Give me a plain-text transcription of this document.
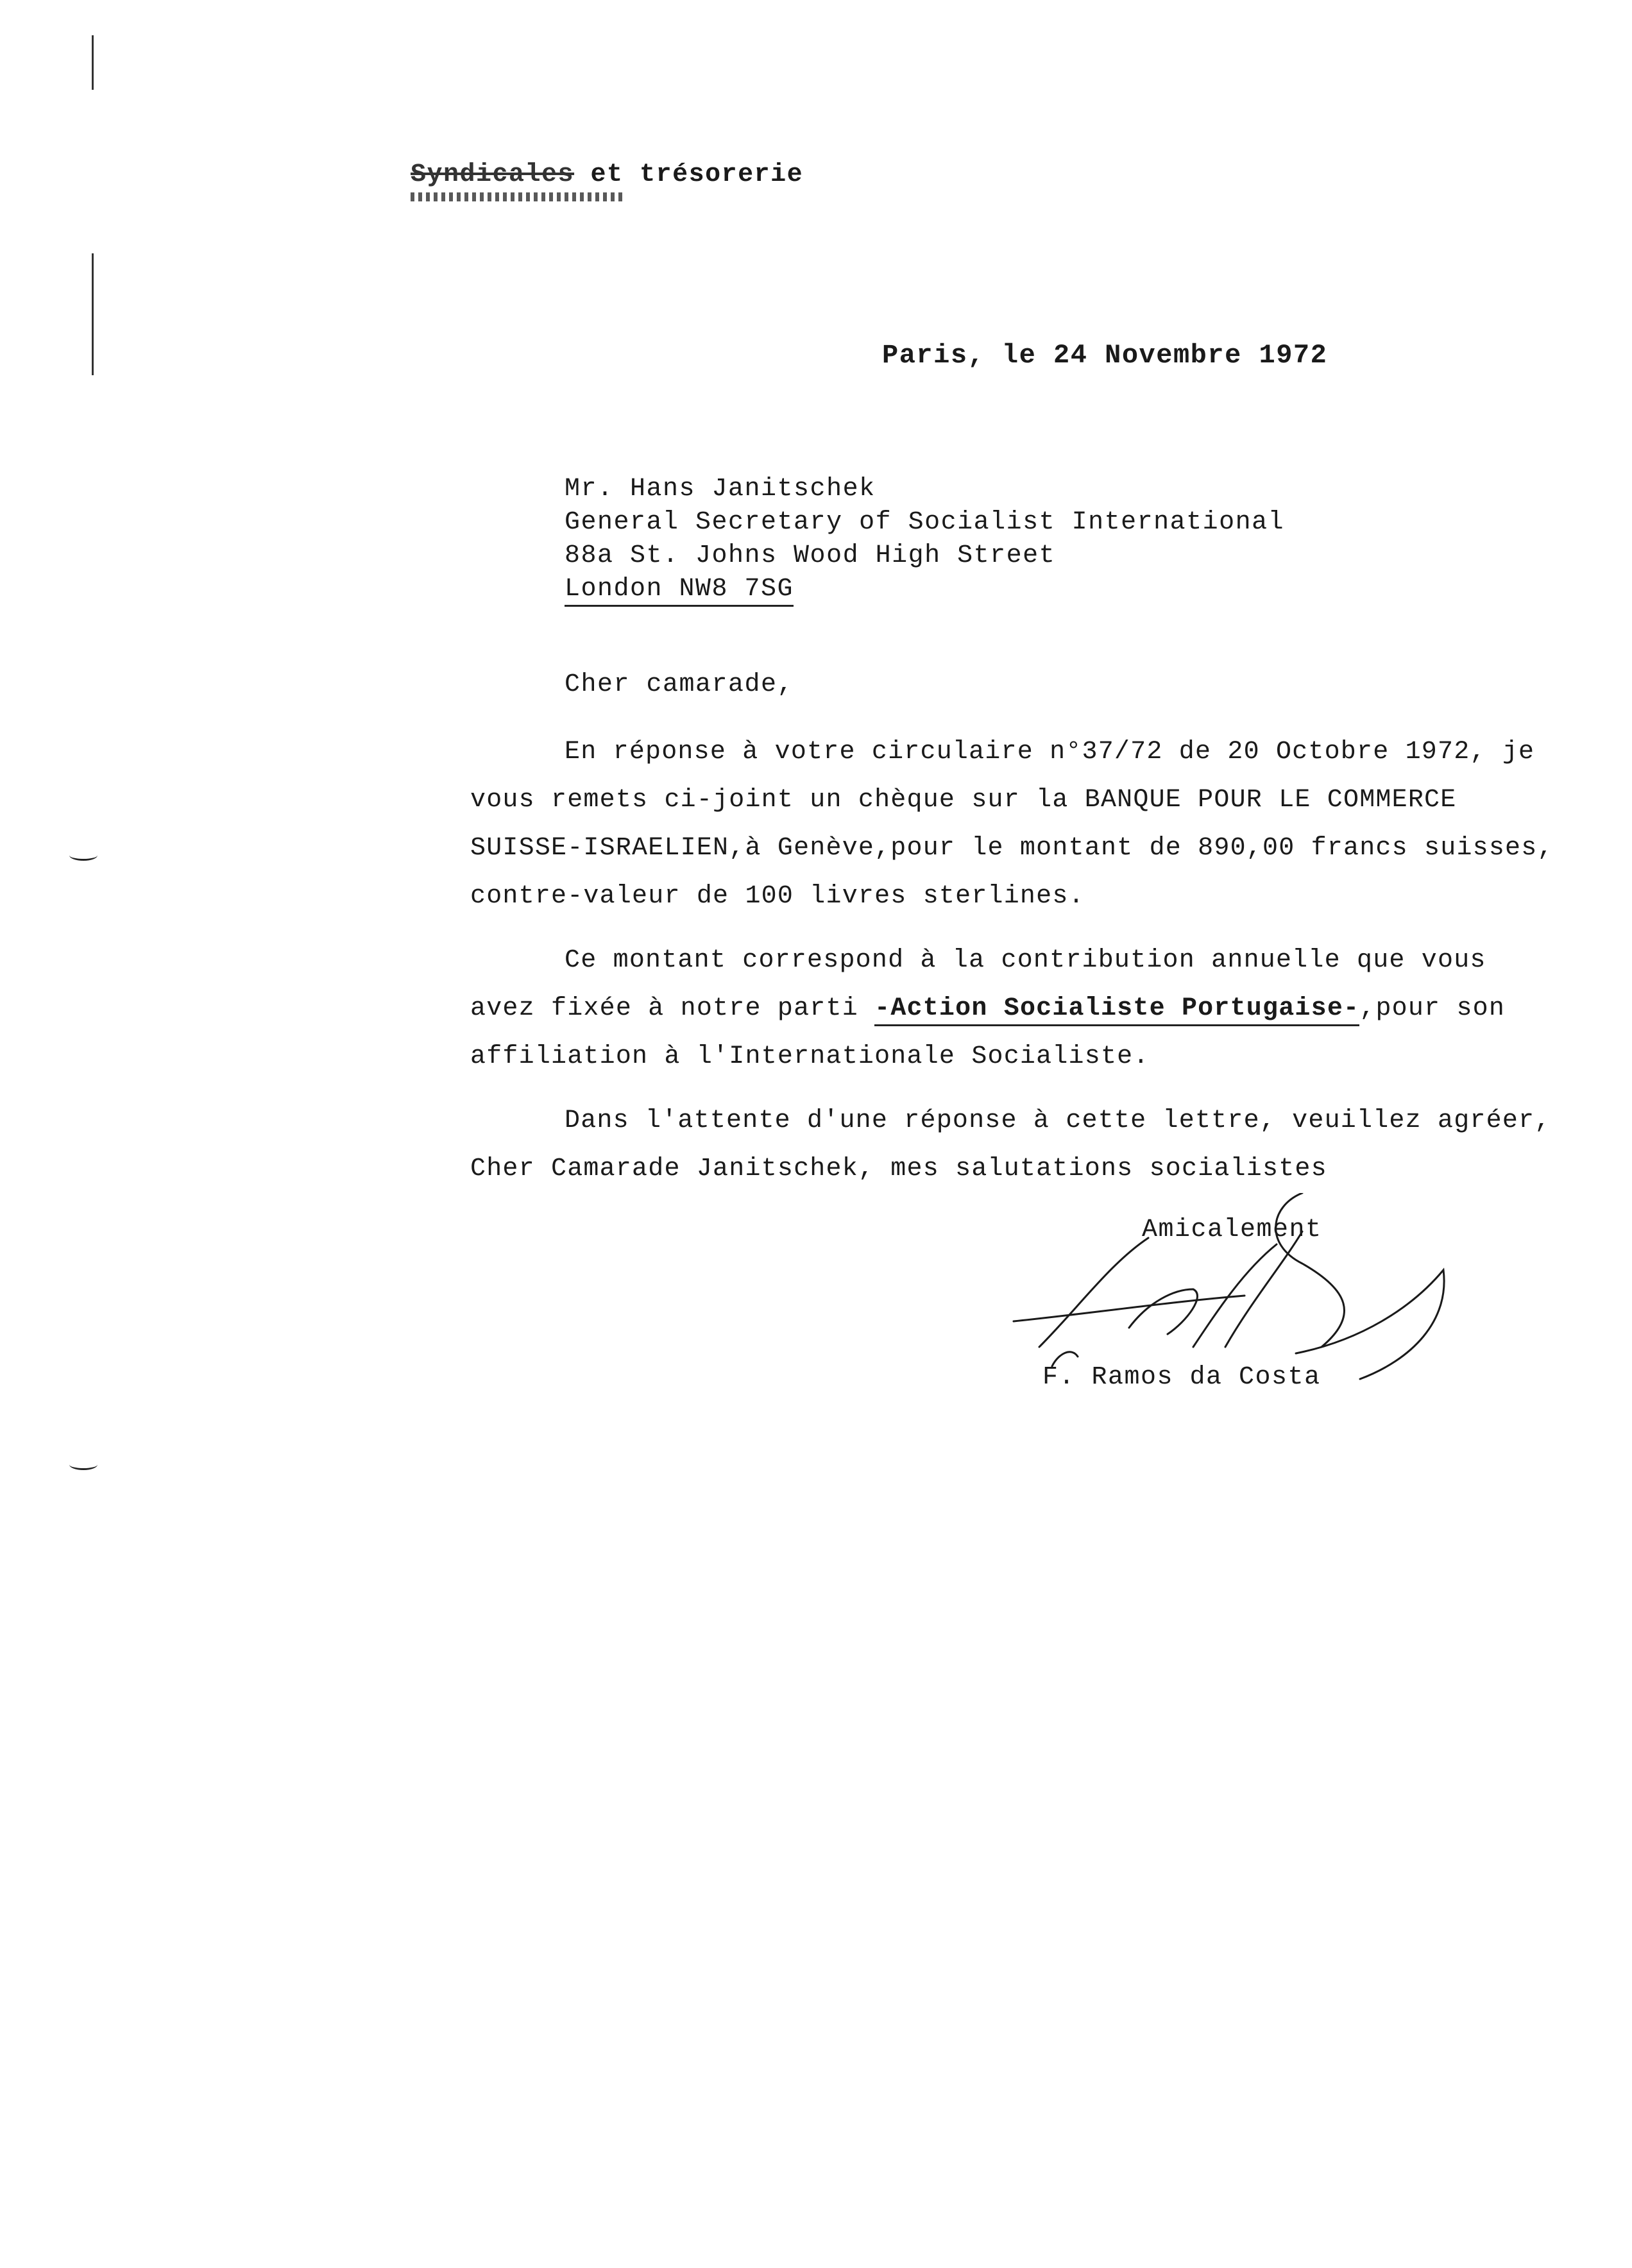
Syndicales et trésorerie
Paris, le 24 Novembre 1972
Mr. Hans Janitschek
General Secretary of Socialist International
88a St. Johns Wood High Street
London NW8 7SG
Cher camarade,
En réponse à votre circulaire n°37/72 de 20 Octobre 1972, je vous remets ci-joint un chèque sur la BANQUE POUR LE COMMERCE SUISSE-ISRAELIEN,à Genève,pour le montant de 890,00 francs suisses, contre-valeur de 100 livres sterlines.
Ce montant correspond à la contribution annuelle que vous avez fixée à notre parti -Action Socialiste Portugaise-,pour son affiliation à l'Internationale Socialiste.
Dans l'attente d'une réponse à cette lettre, veuillez agréer, Cher Camarade Janitschek, mes salutations socialistes
Amicalement
F. Ramos da Costa
